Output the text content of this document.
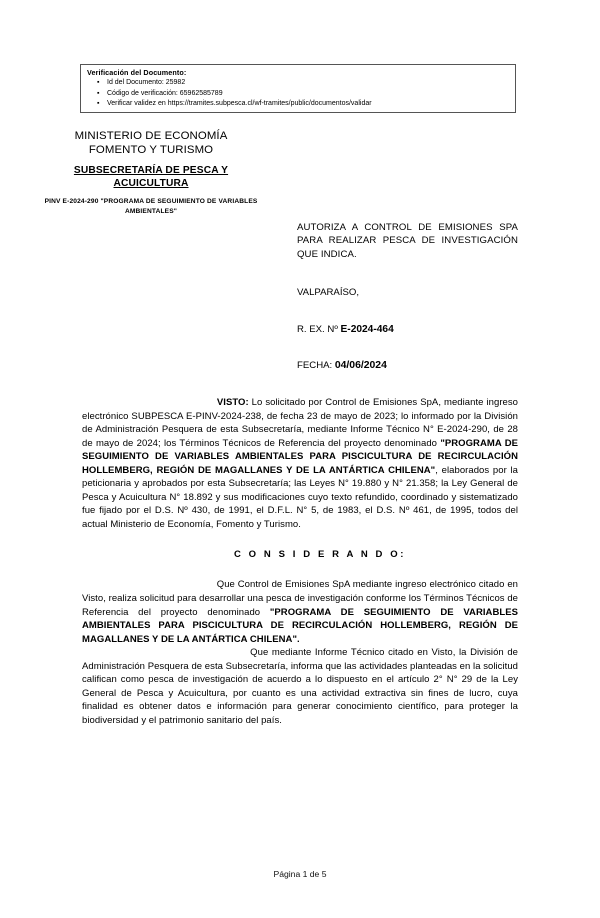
Verificación del Documento:
▪ Id del Documento: 25982
▪ Código de verificación: 65962585789
▪ Verificar validez en https://tramites.subpesca.cl/wf-tramites/public/documentos/validar
MINISTERIO DE ECONOMÍA
FOMENTO Y TURISMO
SUBSECRETARÍA DE PESCA Y
ACUICULTURA
PINV E-2024-290 "PROGRAMA DE SEGUIMIENTO DE VARIABLES AMBIENTALES"
AUTORIZA A CONTROL DE EMISIONES SPA PARA REALIZAR PESCA DE INVESTIGACIÓN QUE INDICA.
VALPARAÍSO,
R. EX. Nº E-2024-464
FECHA: 04/06/2024

VISTO: Lo solicitado por Control de Emisiones SpA, mediante ingreso electrónico SUBPESCA E-PINV-2024-238, de fecha 23 de mayo de 2023; lo informado por la División de Administración Pesquera de esta Subsecretaría, mediante Informe Técnico N° E-2024-290, de 28 de mayo de 2024; los Términos Técnicos de Referencia del proyecto denominado "PROGRAMA DE SEGUIMIENTO DE VARIABLES AMBIENTALES PARA PISCICULTURA DE RECIRCULACIÓN HOLLEMBERG, REGIÓN DE MAGALLANES Y DE LA ANTÁRTICA CHILENA", elaborados por la peticionaria y aprobados por esta Subsecretaría; las Leyes N° 19.880 y N° 21.358; la Ley General de Pesca y Acuicultura N° 18.892 y sus modificaciones cuyo texto refundido, coordinado y sistematizado fue fijado por el D.S. Nº 430, de 1991, el D.F.L. N° 5, de 1983, el D.S. Nº 461, de 1995, todos del actual Ministerio de Economía, Fomento y Turismo.

C O N S I D E R A N D O:

Que Control de Emisiones SpA mediante ingreso electrónico citado en Visto, realiza solicitud para desarrollar una pesca de investigación conforme los Términos Técnicos de Referencia del proyecto denominado "PROGRAMA DE SEGUIMIENTO DE VARIABLES AMBIENTALES PARA PISCICULTURA DE RECIRCULACIÓN HOLLEMBERG, REGIÓN DE MAGALLANES Y DE LA ANTÁRTICA CHILENA".

Que mediante Informe Técnico citado en Visto, la División de Administración Pesquera de esta Subsecretaría, informa que las actividades planteadas en la solicitud califican como pesca de investigación de acuerdo a lo dispuesto en el artículo 2° N° 29 de la Ley General de Pesca y Acuicultura, por cuanto es una actividad extractiva sin fines de lucro, cuya finalidad es obtener datos e información para generar conocimiento científico, para proteger la biodiversidad y el patrimonio sanitario del país.

Página 1 de 5
